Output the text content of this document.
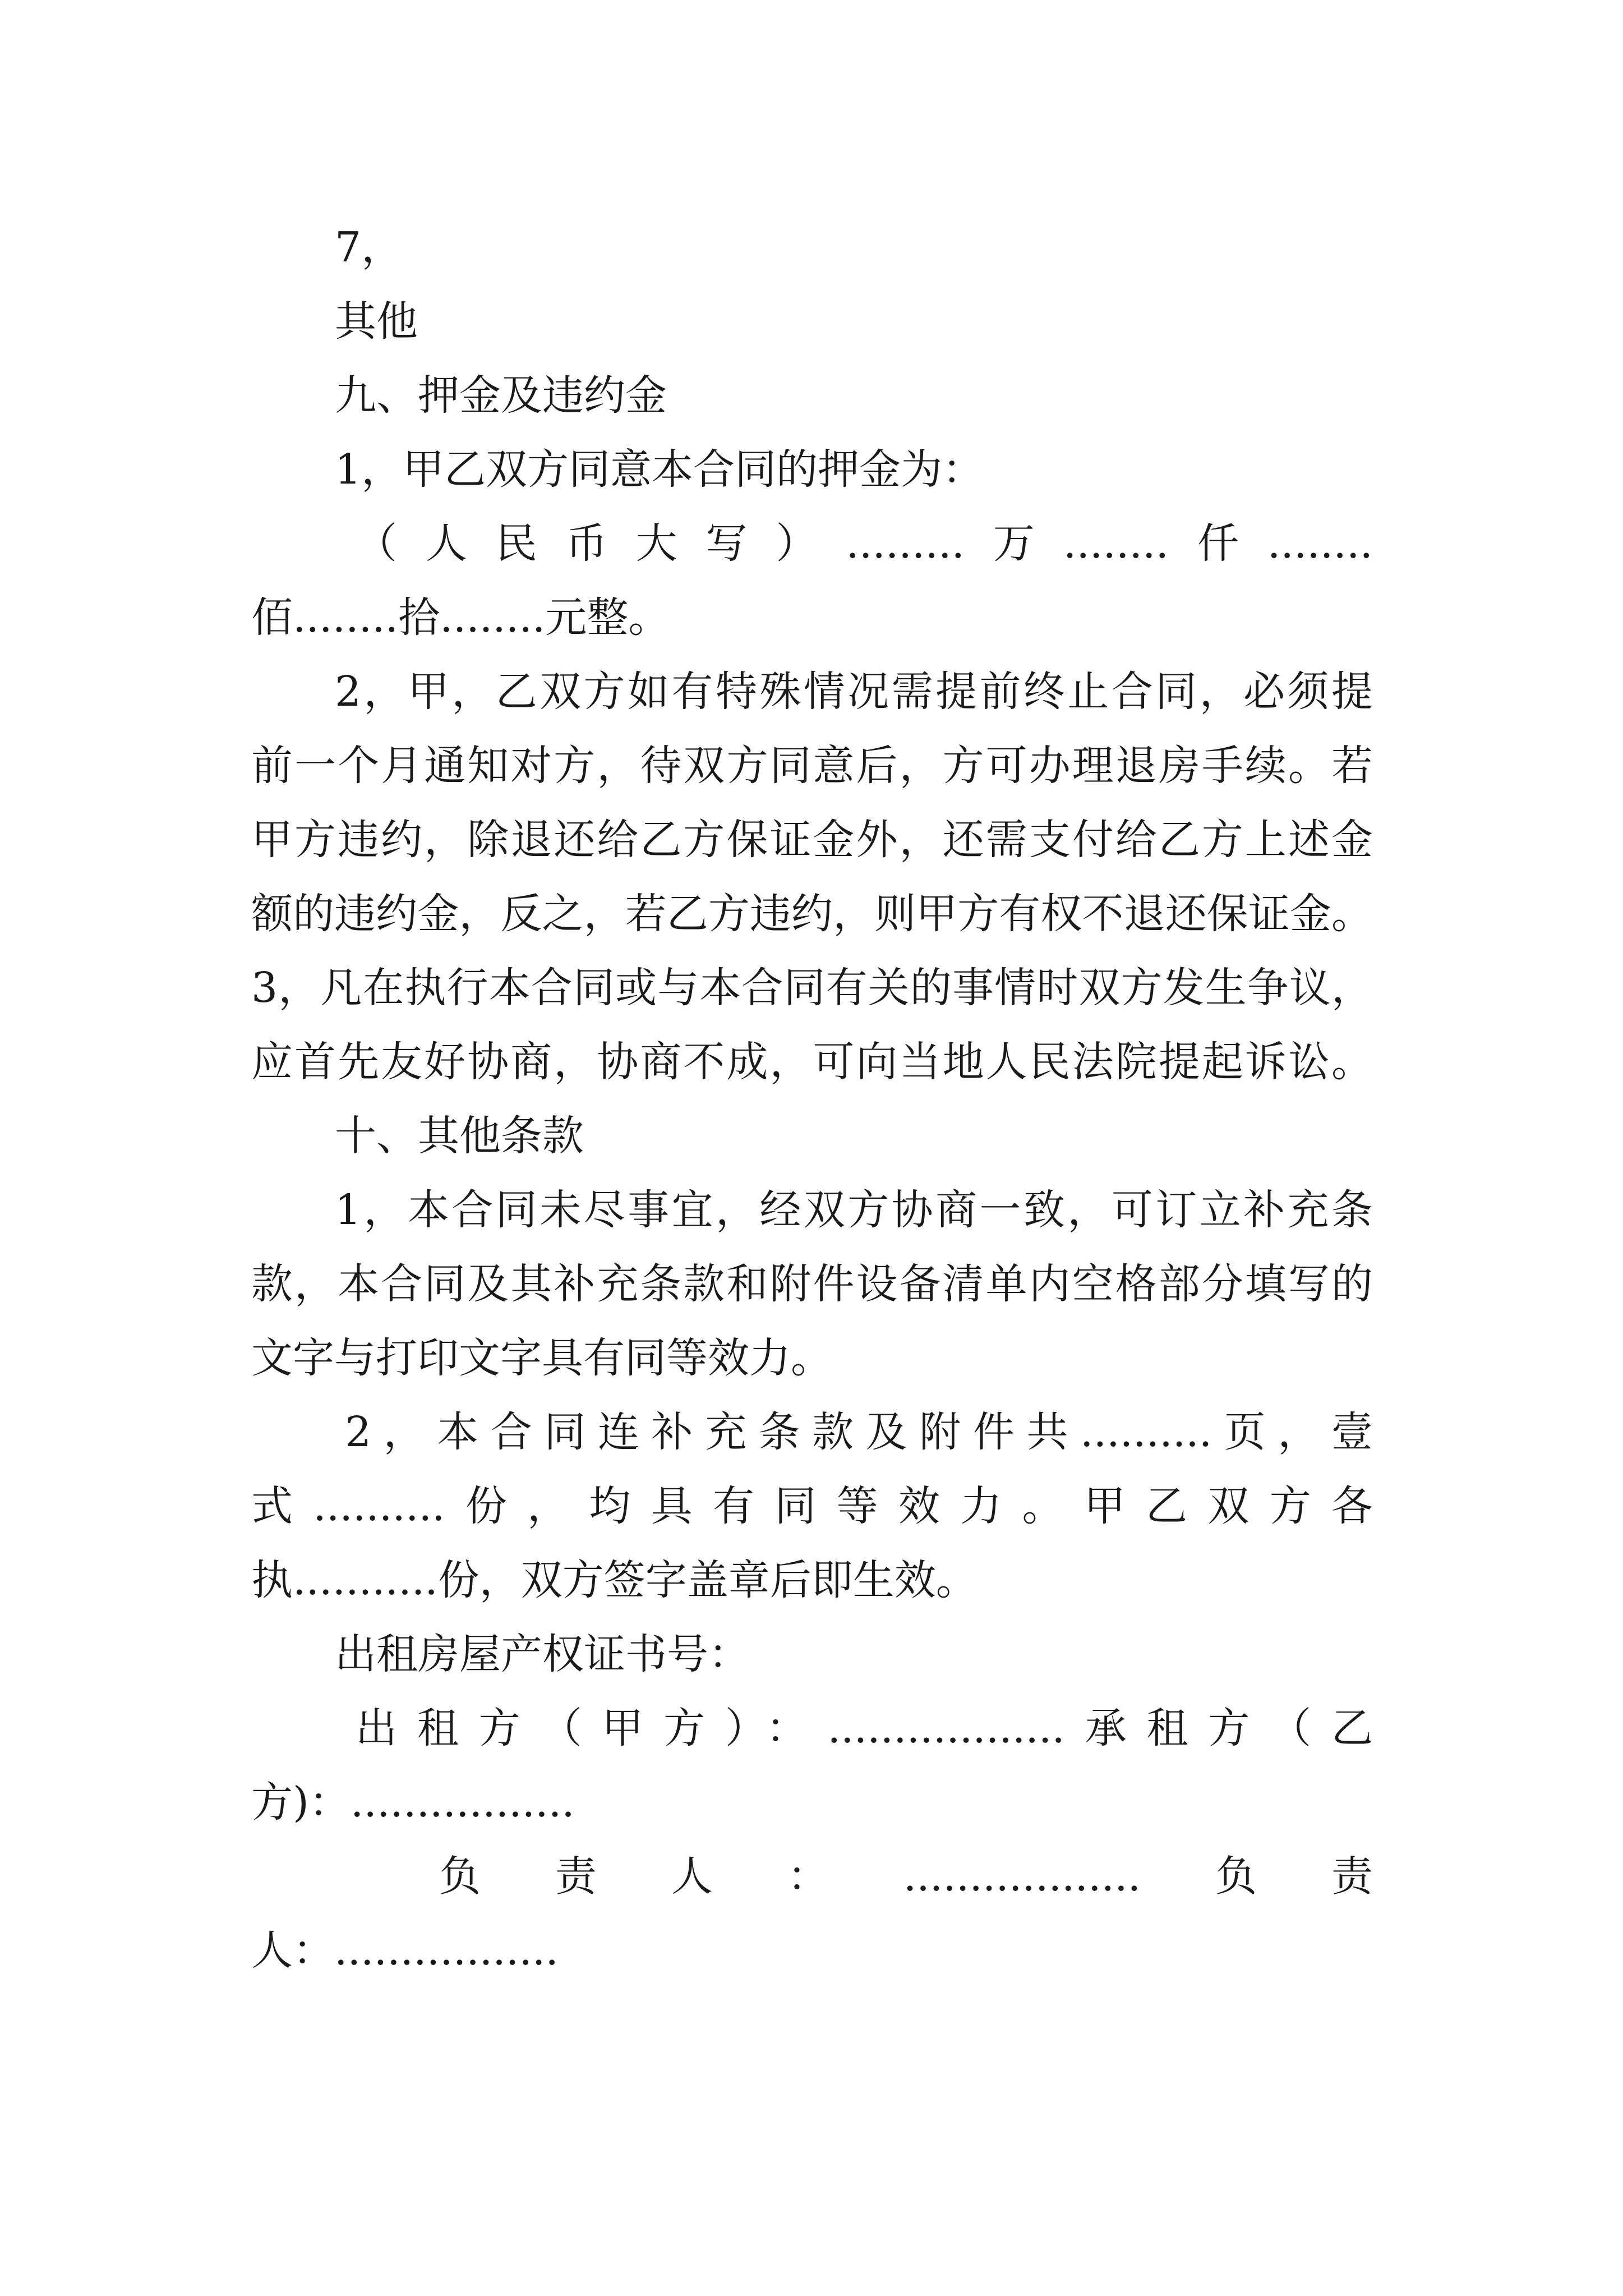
7，
其他
九、押金及违约金
1，甲乙双方同意本合同的押金为：
（人民币大写）.........万........仟........
佰........拾........元整。
2，甲，乙双方如有特殊情况需提前终止合同，必须提
前一个月通知对方，待双方同意后，方可办理退房手续。若
甲方违约，除退还给乙方保证金外，还需支付给乙方上述金
额的违约金，反之，若乙方违约，则甲方有权不退还保证金。
3，凡在执行本合同或与本合同有关的事情时双方发生争议，
应首先友好协商，协商不成，可向当地人民法院提起诉讼。
十、其他条款
1，本合同未尽事宜，经双方协商一致，可订立补充条
款，本合同及其补充条款和附件设备清单内空格部分填写的
文字与打印文字具有同等效力。
2，本合同连补充条款及附件共..........页，壹
式..........份，均具有同等效力。甲乙双方各
执...........份，双方签字盖章后即生效。
出租房屋产权证书号：
出租方（甲方）：..................承租方（乙
方)：.................
负责人：..................负责
人：.................
